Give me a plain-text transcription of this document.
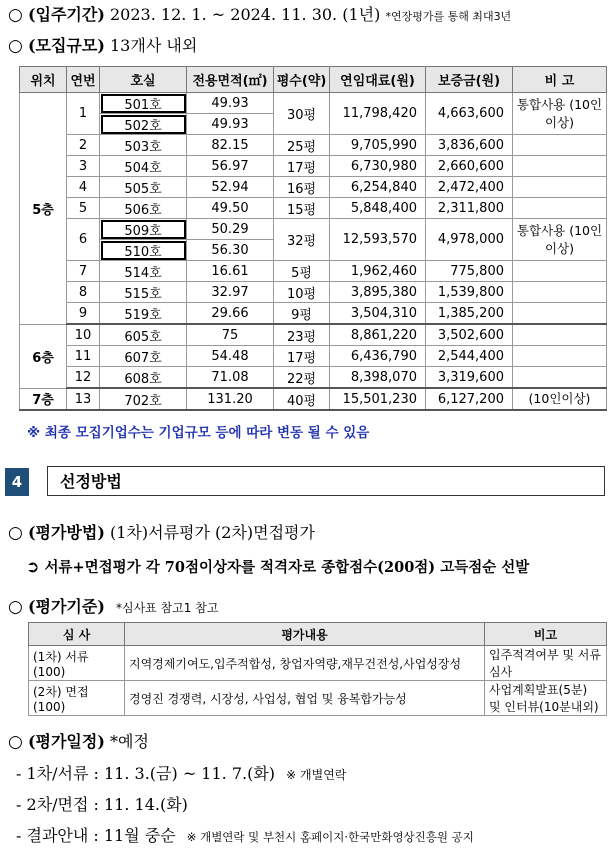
○ (입주기간) 2023. 12. 1. ~ 2024. 11. 30. (1년) *연장평가를 통해 최대3년
○ (모집규모) 13개사 내외
위치	연번	호실	전용면적(㎡)	평수(약)	연임대료(원)	보증금(원)	비 고
5층	1	501호	49.93	30평	11,798,420	4,663,600	통합사용 (10인이상)
		502호	49.93				
	2	503호	82.15	25평	9,705,990	3,836,600	
	3	504호	56.97	17평	6,730,980	2,660,600	
	4	505호	52.94	16평	6,254,840	2,472,400	
	5	506호	49.50	15평	5,848,400	2,311,800	
	6	509호	50.29	32평	12,593,570	4,978,000	통합사용 (10인이상)
		510호	56.30				
	7	514호	16.61	5평	1,962,460	775,800	
	8	515호	32.97	10평	3,895,380	1,539,800	
	9	519호	29.66	9평	3,504,310	1,385,200	
6층	10	605호	75	23평	8,861,220	3,502,600	
	11	607호	54.48	17평	6,436,790	2,544,400	
	12	608호	71.08	22평	8,398,070	3,319,600	
7층	13	702호	131.20	40평	15,501,230	6,127,200	(10인이상)
※ 최종 모집기업수는 기업규모 등에 따라 변동 될 수 있음
4	선정방법
○ (평가방법) (1차)서류평가 (2차)면접평가
➲ 서류+면접평가 각 70점이상자를 적격자로 종합점수(200점) 고득점순 선발
○ (평가기준) *심사표 참고1 참고
심 사	평가내용	비고
(1차) 서류(100)	지역경제기여도,입주적합성, 창업자역량,재무건전성,사업성장성	입주적격여부 및 서류심사
(2차) 면접(100)	경영진 경쟁력, 시장성, 사업성, 협업 및 융복합가능성	사업계획발표(5분) 및 인터뷰(10분내외)
○ (평가일정) *예정
- 1차/서류 : 11. 3.(금) ~ 11. 7.(화) ※ 개별연락
- 2차/면접 : 11. 14.(화)
- 결과안내 : 11월 중순 ※ 개별연락 및 부천시 홈페이지·한국만화영상진흥원 공지
